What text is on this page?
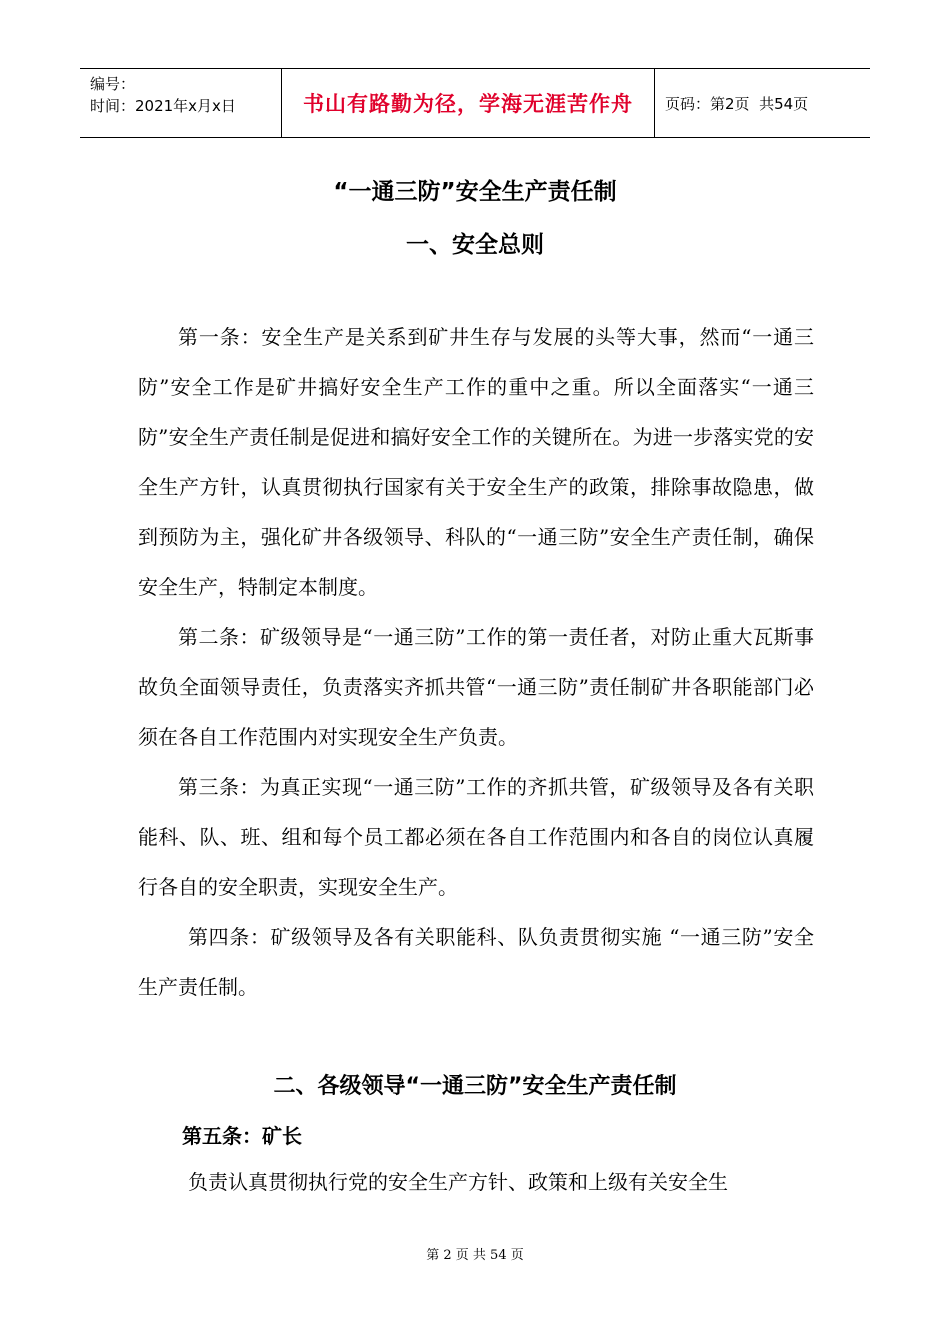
编号：
时间：2021年x月x日	书山有路勤为径，学海无涯苦作舟	页码：第2页  共54页
“一通三防”安全生产责任制
一、安全总则

第一条：安全生产是关系到矿井生存与发展的头等大事，然而“一通三防”安全工作是矿井搞好安全生产工作的重中之重。所以全面落实“一通三防”安全生产责任制是促进和搞好安全工作的关键所在。为进一步落实党的安全生产方针，认真贯彻执行国家有关于安全生产的政策，排除事故隐患，做到预防为主，强化矿井各级领导、科队的“一通三防”安全生产责任制，确保安全生产，特制定本制度。

第二条：矿级领导是“一通三防”工作的第一责任者，对防止重大瓦斯事故负全面领导责任，负责落实齐抓共管“一通三防”责任制矿井各职能部门必须在各自工作范围内对实现安全生产负责。

第三条：为真正实现“一通三防”工作的齐抓共管，矿级领导及各有关职能科、队、班、组和每个员工都必须在各自工作范围内和各自的岗位认真履行各自的安全职责，实现安全生产。

第四条：矿级领导及各有关职能科、队负责贯彻实施 “一通三防”安全生产责任制。

二、各级领导“一通三防”安全生产责任制
第五条：矿长

负责认真贯彻执行党的安全生产方针、政策和上级有关安全生

第 2 页 共 54 页
